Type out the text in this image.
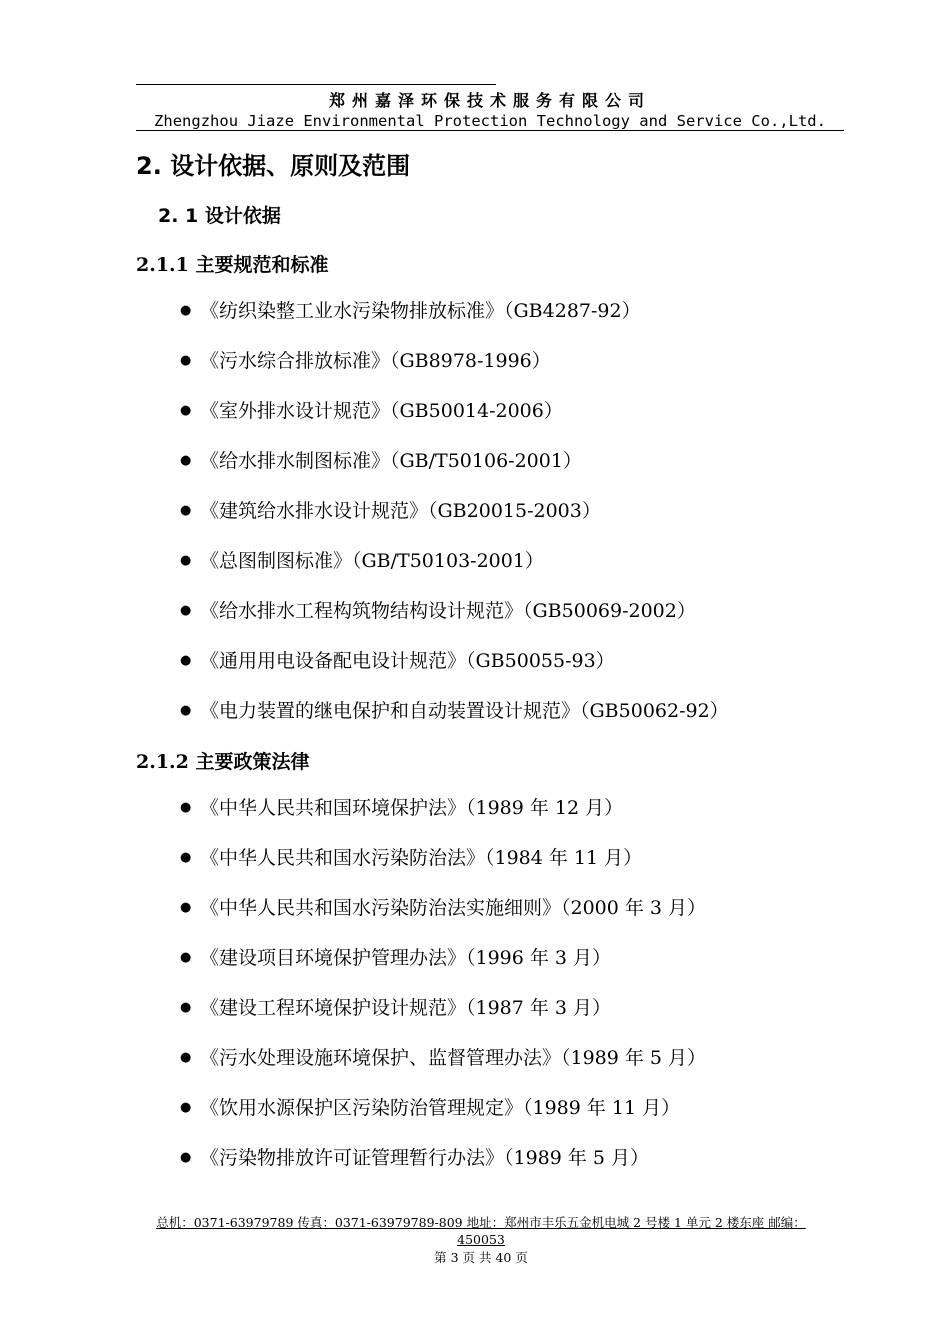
郑州嘉泽环保技术服务有限公司
Zhengzhou Jiaze Environmental Protection Technology and Service Co.,Ltd.
2. 设计依据、原则及范围
2. 1 设计依据
2.1.1 主要规范和标准
● 《纺织染整工业水污染物排放标准》（GB4287-92）
● 《污水综合排放标准》（GB8978-1996）
● 《室外排水设计规范》（GB50014-2006）
● 《给水排水制图标准》（GB/T50106-2001）
● 《建筑给水排水设计规范》（GB20015-2003）
● 《总图制图标准》（GB/T50103-2001）
● 《给水排水工程构筑物结构设计规范》（GB50069-2002）
● 《通用用电设备配电设计规范》（GB50055-93）
● 《电力装置的继电保护和自动装置设计规范》（GB50062-92）
2.1.2 主要政策法律
● 《中华人民共和国环境保护法》（1989 年 12 月）
● 《中华人民共和国水污染防治法》（1984 年 11 月）
● 《中华人民共和国水污染防治法实施细则》（2000 年 3 月）
● 《建设项目环境保护管理办法》（1996 年 3 月）
● 《建设工程环境保护设计规范》（1987 年 3 月）
● 《污水处理设施环境保护、监督管理办法》（1989 年 5 月）
● 《饮用水源保护区污染防治管理规定》（1989 年 11 月）
● 《污染物排放许可证管理暂行办法》（1989 年 5 月）
总机：0371-63979789 传真：0371-63979789-809 地址：郑州市丰乐五金机电城 2 号楼 1 单元 2 楼东座 邮编：450053
第 3 页 共 40 页
